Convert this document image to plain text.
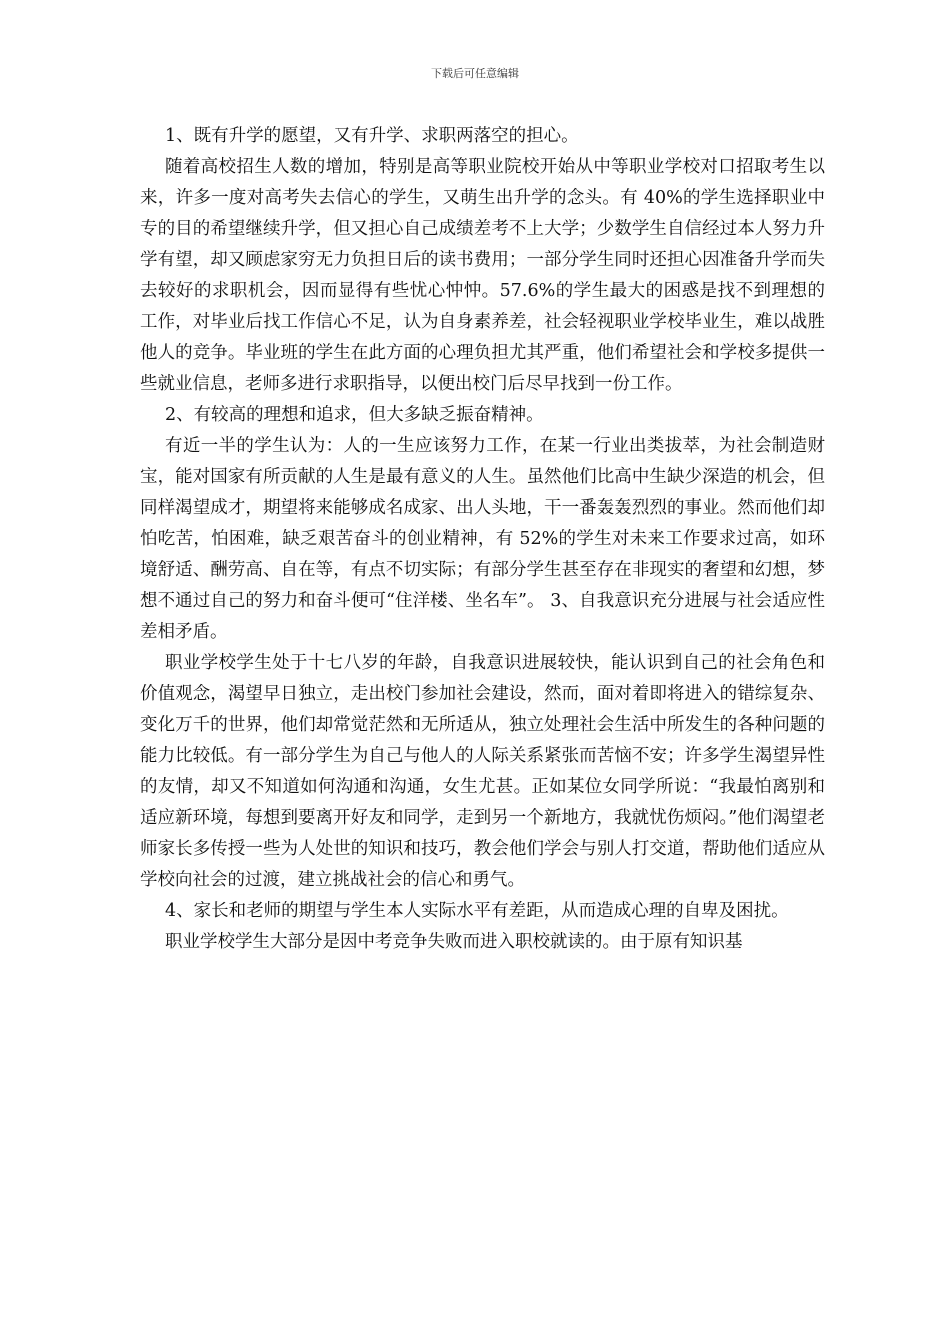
下载后可任意编辑

1、既有升学的愿望，又有升学、求职两落空的担心。

随着高校招生人数的增加，特别是高等职业院校开始从中等职业学校对口招取考生以来，许多一度对高考失去信心的学生，又萌生出升学的念头。有 40%的学生选择职业中专的目的希望继续升学，但又担心自己成绩差考不上大学；少数学生自信经过本人努力升学有望，却又顾虑家穷无力负担日后的读书费用；一部分学生同时还担心因准备升学而失去较好的求职机会，因而显得有些忧心忡忡。57.6%的学生最大的困惑是找不到理想的工作，对毕业后找工作信心不足，认为自身素养差，社会轻视职业学校毕业生，难以战胜他人的竞争。毕业班的学生在此方面的心理负担尤其严重，他们希望社会和学校多提供一些就业信息，老师多进行求职指导，以便出校门后尽早找到一份工作。

2、有较高的理想和追求，但大多缺乏振奋精神。

有近一半的学生认为：人的一生应该努力工作，在某一行业出类拔萃，为社会制造财宝，能对国家有所贡献的人生是最有意义的人生。虽然他们比高中生缺少深造的机会，但同样渴望成才，期望将来能够成名成家、出人头地，干一番轰轰烈烈的事业。然而他们却怕吃苦，怕困难，缺乏艰苦奋斗的创业精神，有 52%的学生对未来工作要求过高，如环境舒适、酬劳高、自在等，有点不切实际；有部分学生甚至存在非现实的奢望和幻想，梦想不通过自己的努力和奋斗便可“住洋楼、坐名车”。 3、自我意识充分进展与社会适应性差相矛盾。

职业学校学生处于十七八岁的年龄，自我意识进展较快，能认识到自己的社会角色和价值观念，渴望早日独立，走出校门参加社会建设，然而，面对着即将进入的错综复杂、变化万千的世界，他们却常觉茫然和无所适从，独立处理社会生活中所发生的各种问题的能力比较低。有一部分学生为自己与他人的人际关系紧张而苦恼不安；许多学生渴望异性的友情，却又不知道如何沟通和沟通，女生尤甚。正如某位女同学所说：“我最怕离别和适应新环境，每想到要离开好友和同学，走到另一个新地方，我就忧伤烦闷。”他们渴望老师家长多传授一些为人处世的知识和技巧，教会他们学会与别人打交道，帮助他们适应从学校向社会的过渡，建立挑战社会的信心和勇气。

4、家长和老师的期望与学生本人实际水平有差距，从而造成心理的自卑及困扰。

职业学校学生大部分是因中考竞争失败而进入职校就读的。由于原有知识基
